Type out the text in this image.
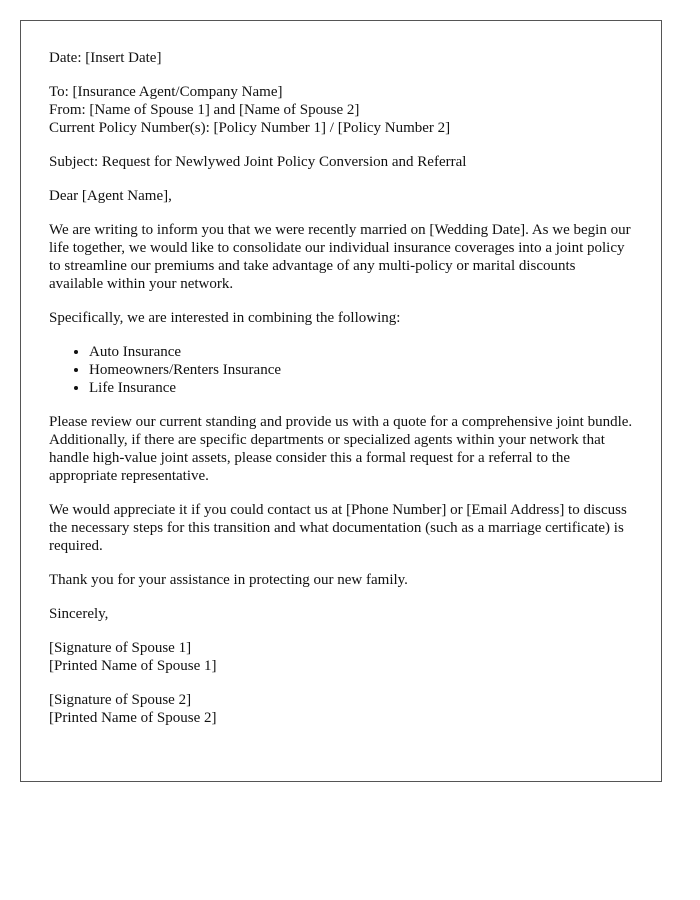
Date: [Insert Date]
To: [Insurance Agent/Company Name]
From: [Name of Spouse 1] and [Name of Spouse 2]
Current Policy Number(s): [Policy Number 1] / [Policy Number 2]

Subject: Request for Newlywed Joint Policy Conversion and Referral

Dear [Agent Name],

We are writing to inform you that we were recently married on [Wedding Date]. As we begin our life together, we would like to consolidate our individual insurance coverages into a joint policy to streamline our premiums and take advantage of any multi-policy or marital discounts available within your network.

Specifically, we are interested in combining the following:

• Auto Insurance
• Homeowners/Renters Insurance
• Life Insurance

Please review our current standing and provide us with a quote for a comprehensive joint bundle. Additionally, if there are specific departments or specialized agents within your network that handle high-value joint assets, please consider this a formal request for a referral to the appropriate representative.

We would appreciate it if you could contact us at [Phone Number] or [Email Address] to discuss the necessary steps for this transition and what documentation (such as a marriage certificate) is required.

Thank you for your assistance in protecting our new family.

Sincerely,

[Signature of Spouse 1]
[Printed Name of Spouse 1]
[Signature of Spouse 2]
[Printed Name of Spouse 2]
